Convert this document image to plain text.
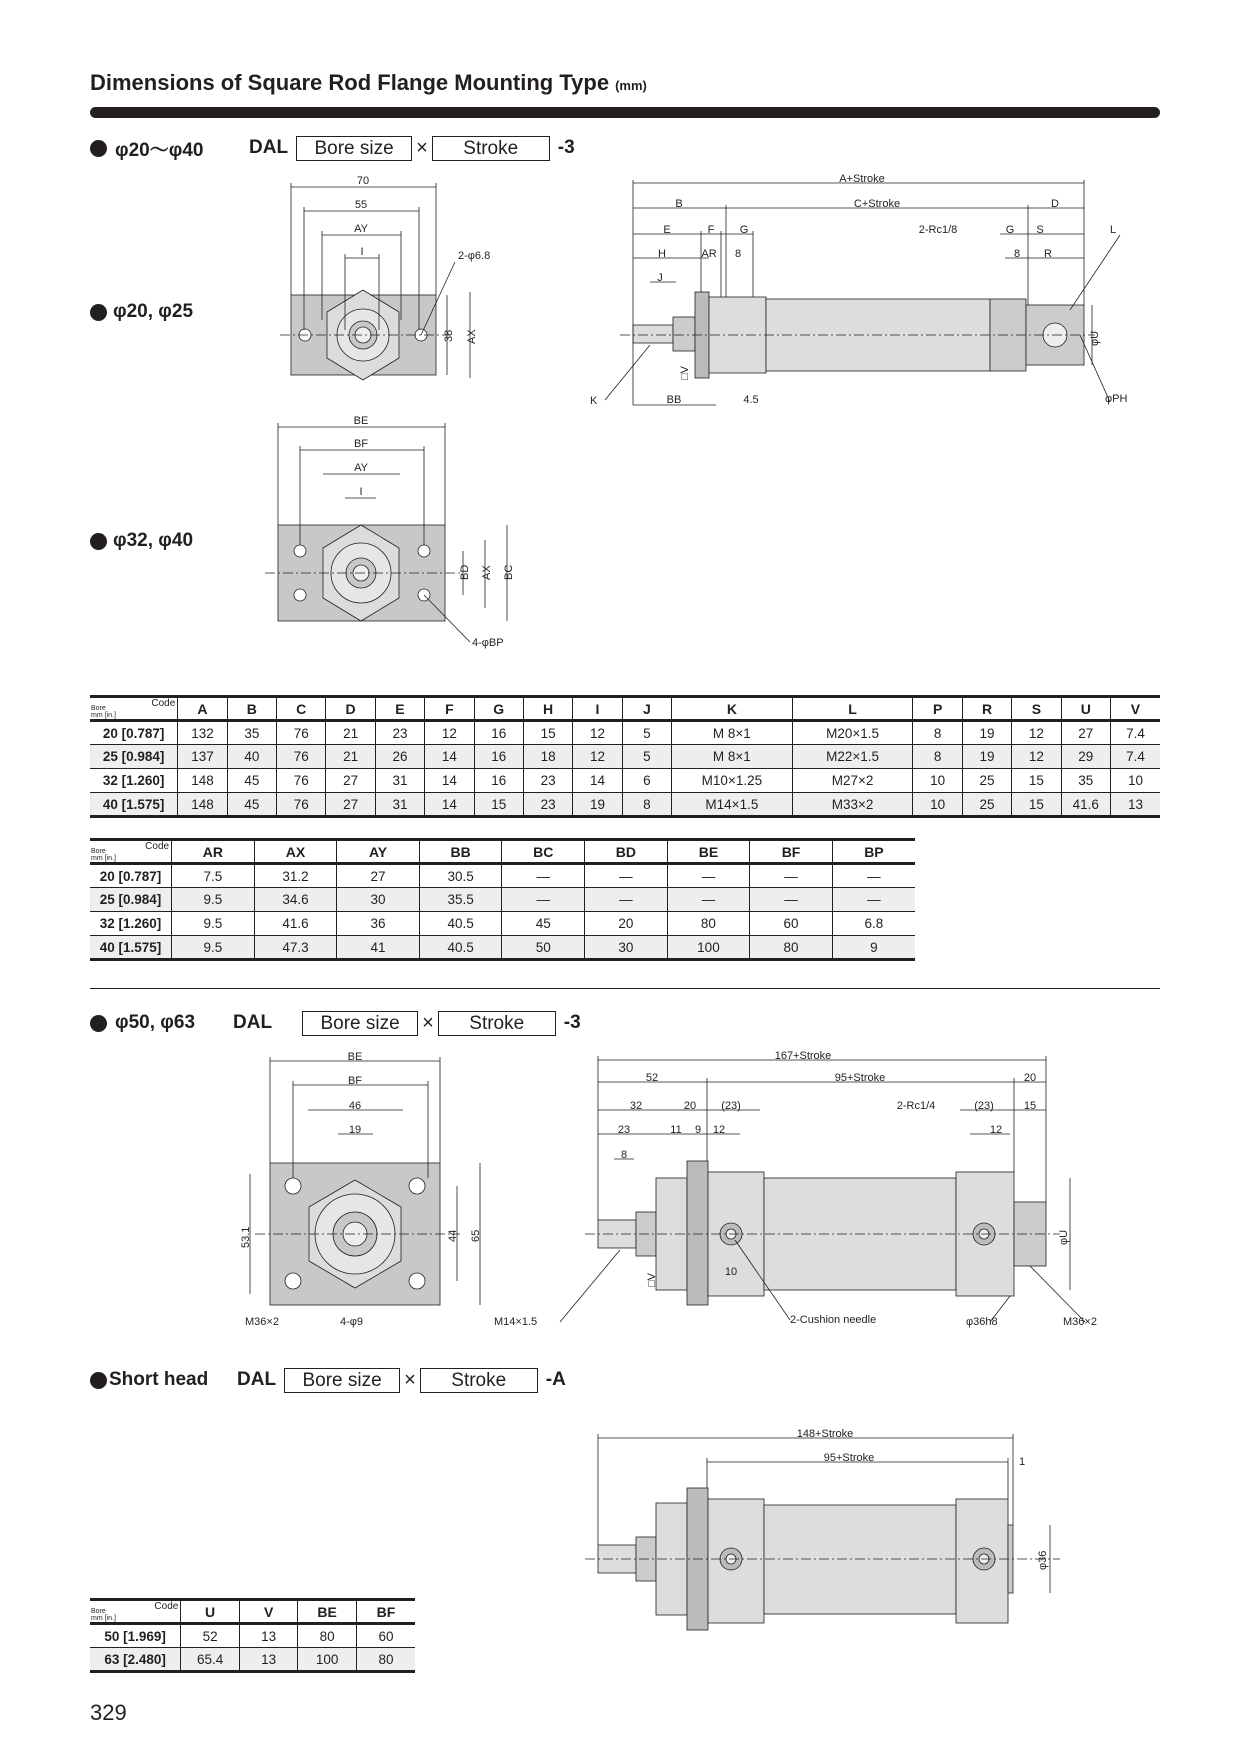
Dimensions of Square Rod Flange Mounting Type (mm)
φ20〜φ40	DAL	Bore size	×	Stroke	-3
φ20, φ25
φ32, φ40
φ50, φ63	DAL	Bore size	×	Stroke	-3
Short head	DAL	Bore size	×	Stroke	-A
70
55
AY
I	2-φ6.8
38 AX
BE
BF
AY
I
BD AX BC
4-φBP
A+Stroke
B	C+Stroke	D
E	F G	2-Rc1/8	G S	L
H	AR 8	8 R
J
K	BB	4.5
□V
φU
φPH
BE
BF
46
19
53.1	44 65
M36×2	4-φ9
167+Stroke
52	95+Stroke	20
32	20 (23)	2-Rc1/4	(23)	15
23	11 9 12	12
8
□V
10
φU
M14×1.5	2-Cushion needle	φ36h8	M36×2
148+Stroke
95+Stroke	1
φ36
Code
Bore
mm [in.]	A	B	C	D	E	F	G	H	I	J	K	L	P	R	S	U	V
20 [0.787]	132	35	76	21	23	12	16	15	12	5	M 8×1	M20×1.5	8	19	12	27	7.4
25 [0.984]	137	40	76	21	26	14	16	18	12	5	M 8×1	M22×1.5	8	19	12	29	7.4
32 [1.260]	148	45	76	27	31	14	16	23	14	6	M10×1.25	M27×2	10	25	15	35	10
40 [1.575]	148	45	76	27	31	14	15	23	19	8	M14×1.5	M33×2	10	25	15	41.6	13
Code
Bore
mm [in.]	AR	AX	AY	BB	BC	BD	BE	BF	BP
20 [0.787]	7.5	31.2	27	30.5	—	—	—	—	—
25 [0.984]	9.5	34.6	30	35.5	—	—	—	—	—
32 [1.260]	9.5	41.6	36	40.5	45	20	80	60	6.8
40 [1.575]	9.5	47.3	41	40.5	50	30	100	80	9
Code
Bore
mm [in.]	U	V	BE	BF
50 [1.969]	52	13	80	60
63 [2.480]	65.4	13	100	80
329
